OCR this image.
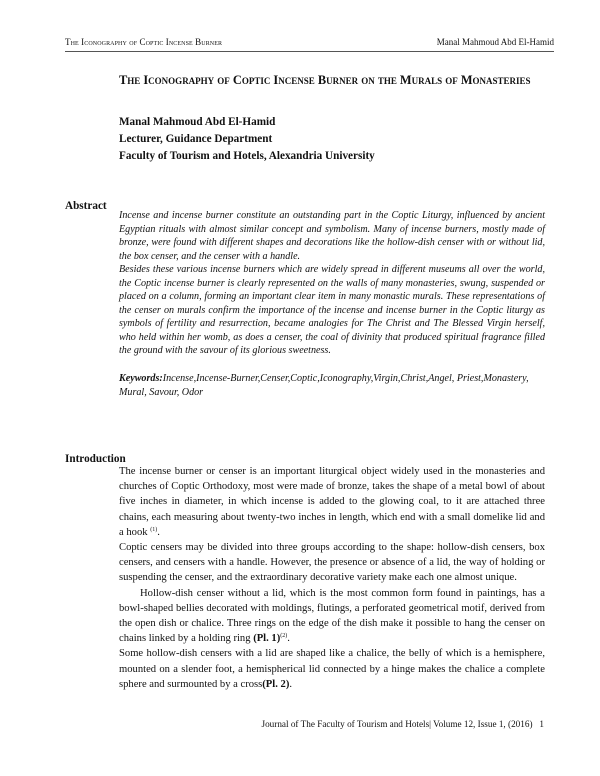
The Iconography of Coptic Incense Burner	Manal Mahmoud Abd El-Hamid
The Iconography of Coptic Incense Burner on the Murals of Monasteries
Manal Mahmoud Abd El-Hamid
Lecturer, Guidance Department
Faculty of Tourism and Hotels, Alexandria University
Abstract

Incense and incense burner constitute an outstanding part in the Coptic Liturgy, influenced by ancient Egyptian rituals with almost similar concept and symbolism. Many of incense burners, mostly made of bronze, were found with different shapes and decorations like the hollow-dish censer with or without lid, the box censer, and the censer with a handle.

Besides these various incense burners which are widely spread in different museums all over the world, the Coptic incense burner is clearly represented on the walls of many monasteries, swung, suspended or placed on a column, forming an important clear item in many monastic murals. These representations of the censer on murals confirm the importance of the incense and incense burner in the Coptic liturgy as symbols of fertility and resurrection, became analogies for The Christ and The Blessed Virgin herself, who held within her womb, as does a censer, the coal of divinity that produced spiritual fragrance filled the ground with the savour of its glorious sweetness.

Keywords:Incense,Incense-Burner,Censer,Coptic,Iconography,Virgin,Christ,Angel, Priest,Monastery, Mural, Savour, Odor
Introduction

The incense burner or censer is an important liturgical object widely used in the monasteries and churches of Coptic Orthodoxy, most were made of bronze, takes the shape of a metal bowl of about five inches in diameter, in which incense is added to the glowing coal, to it are attached three chains, each measuring about twenty-two inches in length, which end with a small domelike lid and a hook $^{(1)}$.

Coptic censers may be divided into three groups according to the shape: hollow-dish censers, box censers, and censers with a handle. However, the presence or absence of a lid, the way of holding or suspending the censer, and the extraordinary decorative variety make each one almost unique.

Hollow-dish censer without a lid, which is the most common form found in paintings, has a bowl-shaped bellies decorated with moldings, flutings, a perforated geometrical motif, derived from the open dish or chalice. Three rings on the edge of the dish make it possible to hang the censer on chains linked by a holding ring (Pl. 1)$^{(2)}$.

Some hollow-dish censers with a lid are shaped like a chalice, the belly of which is a hemisphere, mounted on a slender foot, a hemispherical lid connected by a hinge makes the chalice a complete sphere and surmounted by a cross(Pl. 2).

Journal of The Faculty of Tourism and Hotels| Volume 12, Issue 1, (2016) 1
